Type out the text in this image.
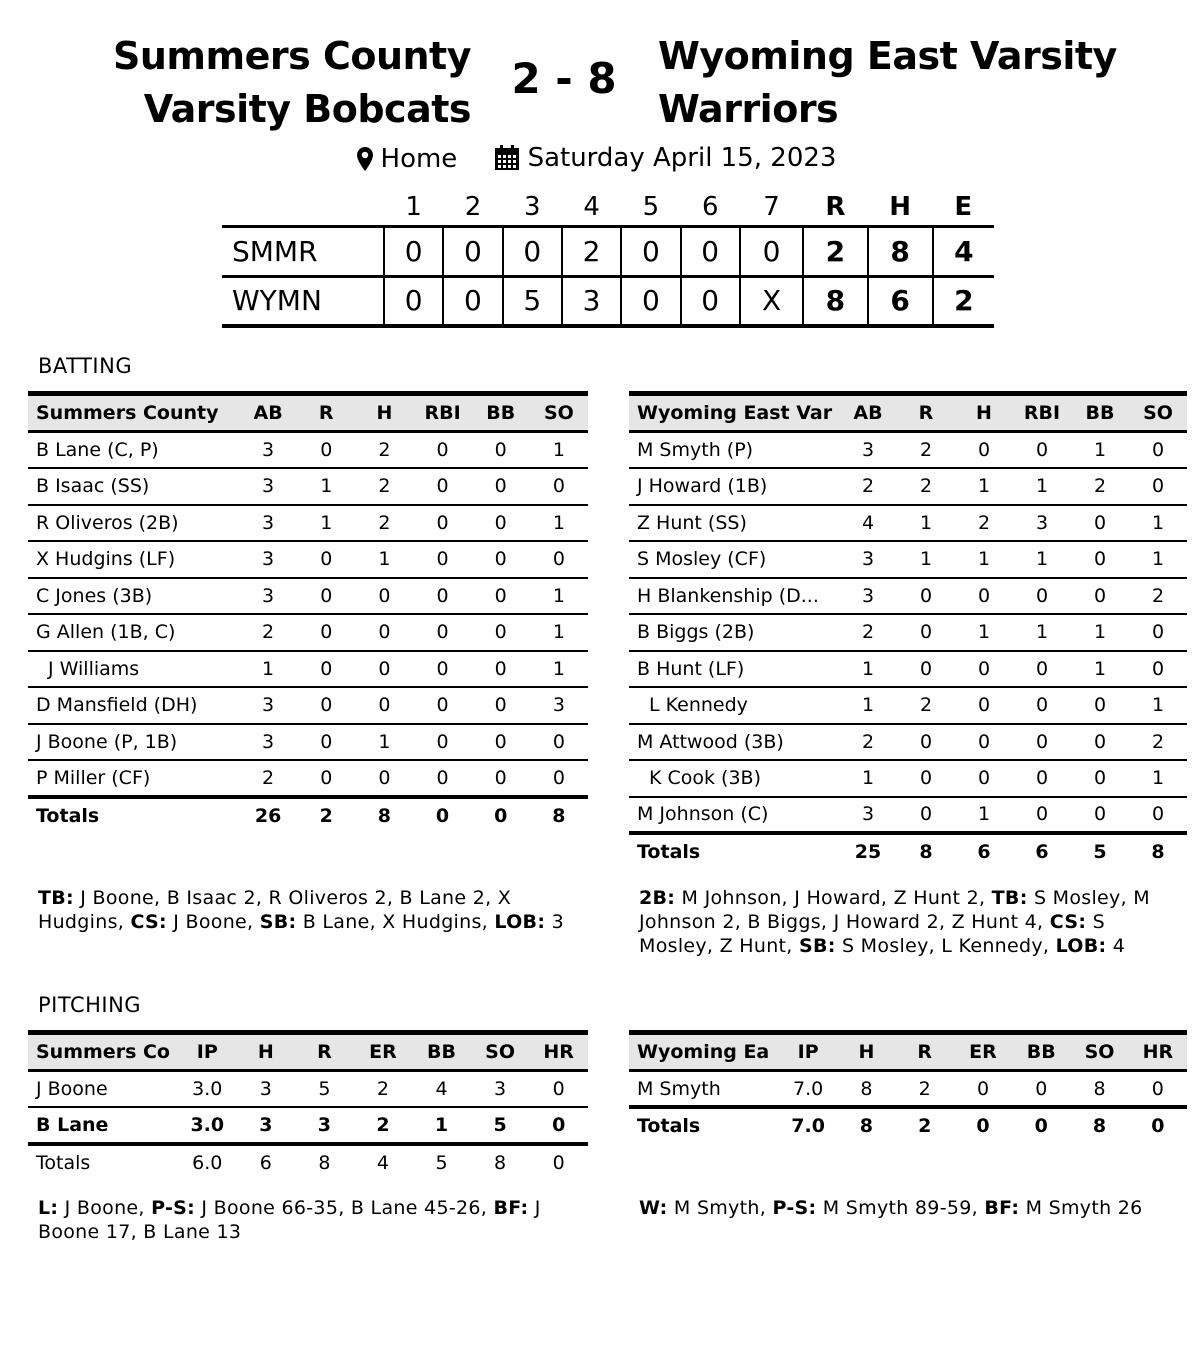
Summers County Varsity Bobcats
2 - 8	Wyoming East Varsity Warriors
Home
	Saturday April 15, 2023
	1	2	3	4	5	6	7	R	H	E
SMMR	0	0	0	2	0	0	0	2	8	4
WYMN	0	0	5	3	0	0	X	8	6	2
BATTING
Summers County	AB	R	H	RBI	BB	SO
B Lane (C, P)	3	0	2	0	0	1
B Isaac (SS)	3	1	2	0	0	0
R Oliveros (2B)	3	1	2	0	0	1
X Hudgins (LF)	3	0	1	0	0	0
C Jones (3B)	3	0	0	0	0	1
G Allen (1B, C)	2	0	0	0	0	1
J Williams	1	0	0	0	0	1
D Mansfield (DH)	3	0	0	0	0	3
J Boone (P, 1B)	3	0	1	0	0	0
P Miller (CF)	2	0	0	0	0	0
Totals	26	2	8	0	0	8
Wyoming East Var	AB	R	H	RBI	BB	SO
M Smyth (P)	3	2	0	0	1	0
J Howard (1B)	2	2	1	1	2	0
Z Hunt (SS)	4	1	2	3	0	1
S Mosley (CF)	3	1	1	1	0	1
H Blankenship (D...	3	0	0	0	0	2
B Biggs (2B)	2	0	1	1	1	0
B Hunt (LF)	1	0	0	0	1	0
L Kennedy	1	2	0	0	0	1
M Attwood (3B)	2	0	0	0	0	2
K Cook (3B)	1	0	0	0	0	1
M Johnson (C)	3	0	1	0	0	0
Totals	25	8	6	6	5	8
TB: J Boone, B Isaac 2, R Oliveros 2, B Lane 2, X Hudgins, CS: J Boone, SB: B Lane, X Hudgins, LOB: 3
2B: M Johnson, J Howard, Z Hunt 2, TB: S Mosley, M Johnson 2, B Biggs, J Howard 2, Z Hunt 4, CS: S Mosley, Z Hunt, SB: S Mosley, L Kennedy, LOB: 4
PITCHING
Summers Co	IP	H	R	ER	BB	SO	HR
J Boone	3.0	3	5	2	4	3	0
B Lane	3.0	3	3	2	1	5	0
Totals	6.0	6	8	4	5	8	0
Wyoming Ea	IP	H	R	ER	BB	SO	HR
M Smyth	7.0	8	2	0	0	8	0
Totals	7.0	8	2	0	0	8	0
L: J Boone, P-S: J Boone 66-35, B Lane 45-26, BF: J Boone 17, B Lane 13
W: M Smyth, P-S: M Smyth 89-59, BF: M Smyth 26
